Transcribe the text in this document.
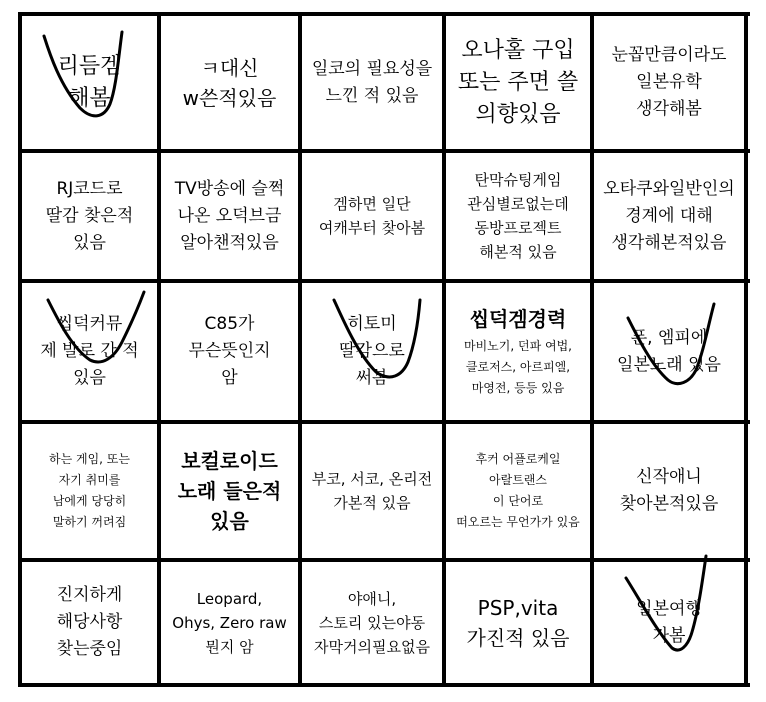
리듬겜
해봄
ㅋ대신
w쓴적있음
일코의 필요성을
느낀 적 있음
오나홀 구입
또는 주면 쓸
의향있음
눈꼽만큼이라도
일본유학
생각해봄
RJ코드로
딸감 찾은적
있음
TV방송에 슬쩍
나온 오덕브금
알아챈적있음
겜하면 일단
여캐부터 찾아봄
탄막슈팅게임
관심별로없는데
동방프로젝트
해본적 있음
오타쿠와일반인의
경계에 대해
생각해본적있음
씹덕커뮤
제 발로 간 적
있음
C85가
무슨뜻인지
암
히토미
딸감으로
써봄
씹덕겜경력
마비노기, 던파 여법,
클로저스, 아르피엘,
마영전, 등등 있음
폰, 엠피에
일본노래 있음
하는 게임, 또는
자기 취미를
남에게 당당히
말하기 꺼려짐
보컬로이드
노래 들은적
있음
부코, 서코, 온리전
가본적 있음
후커 어플로케일
아랄트랜스
이 단어로
떠오르는 무언가가 있음
신작애니
찾아본적있음
진지하게
해당사항
찾는중임
Leopard,
Ohys, Zero raw
뭔지 암
야애니,
스토리 있는야동
자막거의필요없음
PSP,vita
가진적 있음
일본여행
가봄
